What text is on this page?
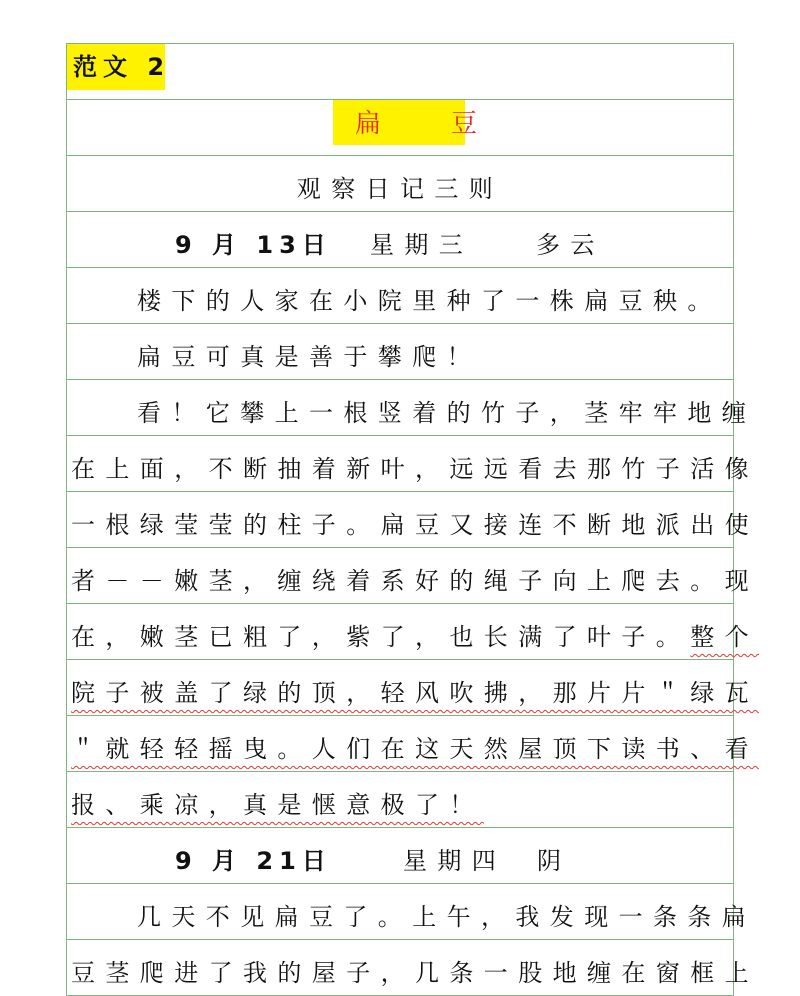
范文 2
扁　豆
观察日记三则
9 月 13日 星期三	多云
楼下的人家在小院里种了一株扁豆秧。
扁豆可真是善于攀爬！
看！它攀上一根竖着的竹子，茎牢牢地缠
在上面，不断抽着新叶，远远看去那竹子活像
一根绿莹莹的柱子。扁豆又接连不断地派出使
者－－嫩茎，缠绕着系好的绳子向上爬去。现
在，嫩茎已粗了，紫了，也长满了叶子。整个
院子被盖了绿的顶，轻风吹拂，那片片＂绿瓦
＂就轻轻摇曳。人们在这天然屋顶下读书、看
报、乘凉，真是惬意极了！
9 月 21日	星期四 阴
几天不见扁豆了。上午，我发现一条条扁
豆茎爬进了我的屋子，几条一股地缠在窗框上
